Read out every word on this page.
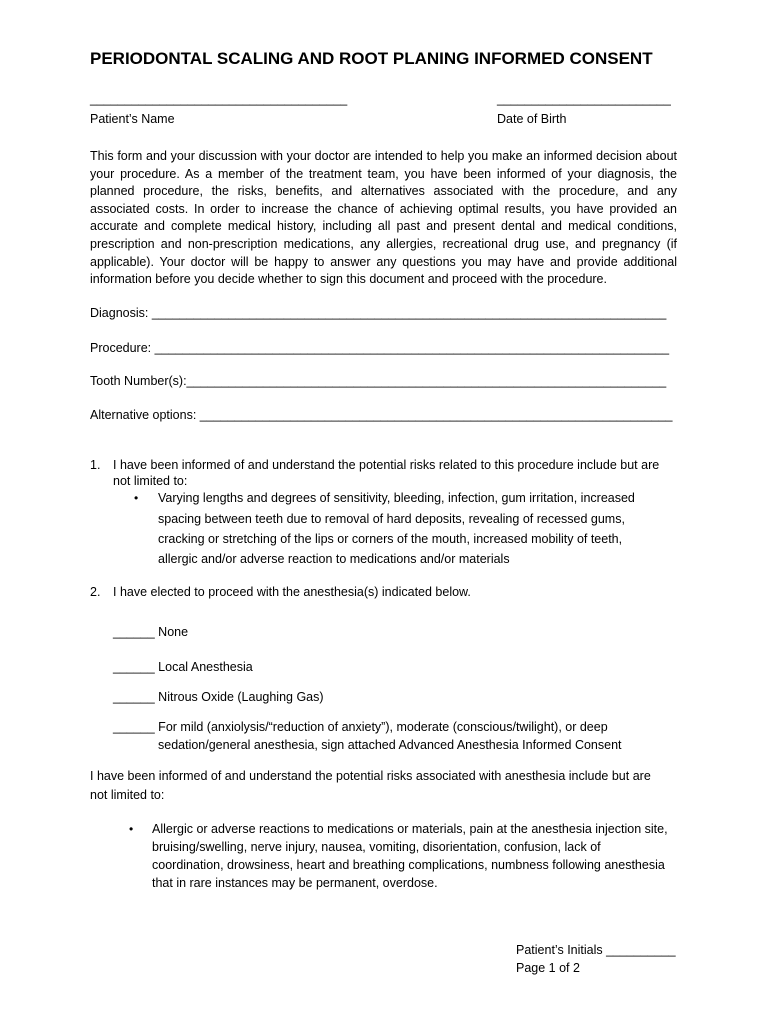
PERIODONTAL SCALING AND ROOT PLANING INFORMED CONSENT
_____________________________________	_________________________
Patient’s Name	Date of Birth
This form and your discussion with your doctor are intended to help you make an informed decision about your procedure. As a member of the treatment team, you have been informed of your diagnosis, the planned procedure, the risks, benefits, and alternatives associated with the procedure, and any associated costs. In order to increase the chance of achieving optimal results, you have provided an accurate and complete medical history, including all past and present dental and medical conditions, prescription and non-prescription medications, any allergies, recreational drug use, and pregnancy (if applicable). Your doctor will be happy to answer any questions you may have and provide additional information before you decide whether to sign this document and proceed with the procedure.
Diagnosis: __________________________________________________________________________
Procedure: __________________________________________________________________________
Tooth Number(s):_____________________________________________________________________
Alternative options: ____________________________________________________________________
1. I have been informed of and understand the potential risks related to this procedure include but are
not limited to:
• Varying lengths and degrees of sensitivity, bleeding, infection, gum irritation, increased
spacing between teeth due to removal of hard deposits, revealing of recessed gums,
cracking or stretching of the lips or corners of the mouth, increased mobility of teeth,
allergic and/or adverse reaction to medications and/or materials
2. I have elected to proceed with the anesthesia(s) indicated below.
______ None
______ Local Anesthesia
______ Nitrous Oxide (Laughing Gas)
______ For mild (anxiolysis/“reduction of anxiety”), moderate (conscious/twilight), or deep
sedation/general anesthesia, sign attached Advanced Anesthesia Informed Consent
I have been informed of and understand the potential risks associated with anesthesia include but are
not limited to:
• Allergic or adverse reactions to medications or materials, pain at the anesthesia injection site,
bruising/swelling, nerve injury, nausea, vomiting, disorientation, confusion, lack of
coordination, drowsiness, heart and breathing complications, numbness following anesthesia
that in rare instances may be permanent, overdose.
Patient’s Initials __________
Page 1 of 2
